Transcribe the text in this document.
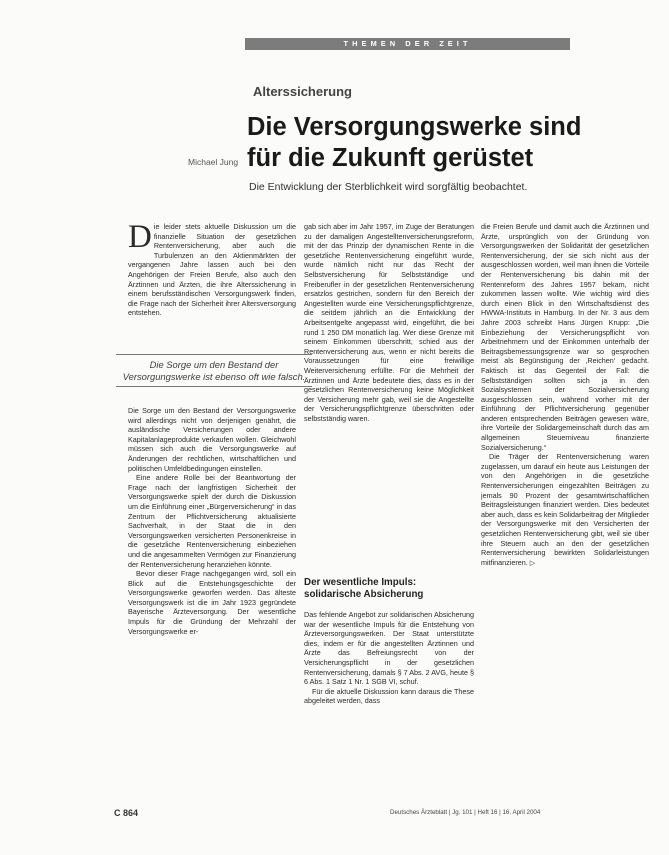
THEMEN DER ZEIT
Alterssicherung
Die Versorgungswerke sind
für die Zukunft gerüstet
Michael Jung
Die Entwicklung der Sterblichkeit wird sorgfältig beobachtet.
D ie leider stets aktuelle Diskussion um die finanzielle Situation der gesetzlichen Rentenversicherung, aber auch die Turbulenzen an den Aktienmärkten der vergangenen Jahre lassen auch bei den Angehörigen der Freien Berufe, also auch den Ärztinnen und Ärzten, die ihre Alterssicherung in einem berufsständischen Versorgungswerk finden, die Frage nach der Sicherheit ihrer Altersversorgung entstehen.

Die Sorge um den Bestand der Versorgungswerke ist ebenso oft wie falsch.

Die Sorge um den Bestand der Versorgungswerke wird allerdings nicht von derjenigen genährt, die ausländische Versicherungen oder andere Kapitalanlageprodukte verkaufen wollen. Gleichwohl müssen sich auch die Versorgungswerke auf Änderungen der rechtlichen, wirtschaftlichen und politischen Umfeldbedingungen einstellen.

Eine andere Rolle bei der Beantwortung der Frage nach der langfristigen Sicherheit der Versorgungswerke spielt der durch die Diskussion um die Einführung einer „Bürgerversicherung“ in das Zentrum der Pflichtversicherung aktualisierte Sachverhalt, in der Staat die in den Versorgungswerken versicherten Personenkreise in die gesetzliche Rentenversicherung einbeziehen und die angesammelten Vermögen zur Finanzierung der Rentenversicherung heranziehen könnte.

Bevor dieser Frage nachgegangen wird, soll ein Blick auf die Entstehungsgeschichte der Versorgungswerke geworfen werden. Das älteste Versorgungswerk ist die im Jahr 1923 gegründete Bayerische Ärzteversorgung. Der wesentliche Impuls für die Gründung der Mehrzahl der Versorgungswerke er-

gab sich aber im Jahr 1957, im Zuge der Beratungen zu der damaligen Angestelltenversicherungsreform, mit der das Prinzip der dynamischen Rente in die gesetzliche Rentenversicherung eingeführt wurde, wurde nämlich nicht nur das Recht der Selbstversicherung für Selbstständige und Freiberufler in der gesetzlichen Rentenversicherung ersatzlos gestrichen, sondern für den Bereich der Angestellten wurde eine Versicherungspflichtgrenze, die seitdem jährlich an die Entwicklung der Arbeitsentgelte angepasst wird, eingeführt, die bei rund 1 250 DM monatlich lag. Wer diese Grenze mit seinem Einkommen überschritt, schied aus der Rentenversicherung aus, wenn er nicht bereits die Voraussetzungen für eine freiwillige Weiterversicherung erfüllte. Für die Mehrheit der Ärztinnen und Ärzte bedeutete dies, dass es in der gesetzlichen Rentenversicherung keine Möglichkeit der Versicherung mehr gab, weil sie die Angestellte der Versicherungspflichtgrenze überschritten oder selbstständig waren.

Der wesentliche Impuls: solidarische Absicherung

Das fehlende Angebot zur solidarischen Absicherung war der wesentliche Impuls für die Entstehung von Ärzteversorgungswerken. Der Staat unterstützte dies, indem er für die angestellten Ärztinnen und Ärzte das Befreiungsrecht von der Versicherungspflicht in der gesetzlichen Rentenversicherung, damals § 7 Abs. 2 AVG, heute § 6 Abs. 1 Satz 1 Nr. 1 SGB VI, schuf.

Für die aktuelle Diskussion kann daraus die These abgeleitet werden, dass

die Freien Berufe und damit auch die Ärztinnen und Ärzte, ursprünglich von der Gründung von Versorgungswerken der Solidarität der gesetzlichen Rentenversicherung, der sie sich nicht aus der ausgeschlossen worden, weil man ihnen die Vorteile der Rentenversicherung bis dahin mit der Rentenreform des Jahres 1957 bekam, nicht zukommen lassen wollte. Wie wichtig wird dies durch einen Blick in den Wirtschaftsdienst des HWWA-Instituts in Hamburg. In der Nr. 3 aus dem Jahre 2003 schreibt Hans Jürgen Krupp: „Die Einbeziehung der Versicherungspflicht von Arbeitnehmern und der Einkommen unterhalb der Beitragsbemessungsgrenze war so gesprochen meist als Begünstigung der ‚Reichen‘ gedacht. Faktisch ist das Gegenteil der Fall: die Selbstständigen sollten sich ja in den Sozialsystemen der Sozialversicherung ausgeschlossen sein, während vorher mit der Einführung der Pflichtversicherung gegenüber anderen entsprechenden Beiträgen gewesen wäre, ihre Vorteile der Solidargemeinschaft durch das am allgemeinen Steuerniveau finanzierte Sozialversicherung.“

Die Träger der Rentenversicherung waren zugelassen, um darauf ein heute aus Leistungen der von den Angehörigen in die gesetzliche Rentenversicherungen eingezahlten Beiträgen zu jemals 90 Prozent der gesamtwirtschaftlichen Beitragsleistungen finanziert werden. Dies bedeutet aber auch, dass es kein Solidarbeitrag der Mitglieder der Versorgungswerke mit den Versicherten der gesetzlichen Rentenversicherung gibt, weil sie über ihre Steuern auch an den der gesetzlichen Rentenversicherung bewirkten Solidarleistungen mitfinanzieren. ▷

C 864	Deutsches Ärzteblatt | Jg. 101 | Heft 16 | 16. April 2004
